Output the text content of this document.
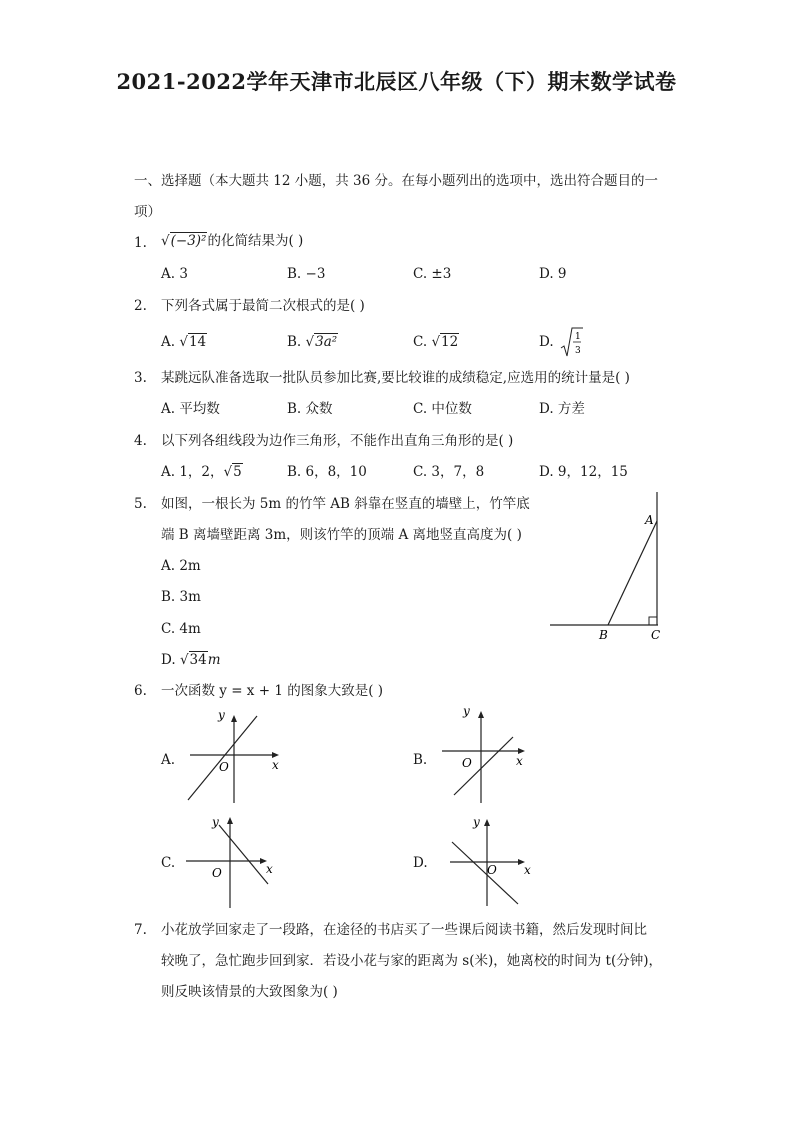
2021-2022学年天津市北辰区八年级（下）期末数学试卷
一、选择题（本大题共 12 小题，共 36 分。在每小题列出的选项中，选出符合题目的一
项）
1. √(−3)²的化简结果为( )
A. 3	B. −3	C. ±3	D. 9
2. 下列各式属于最简二次根式的是( )
A. √14	B. √3a²	C. √12	D.	1
3
3. 某跳远队准备选取一批队员参加比赛,要比较谁的成绩稳定,应选用的统计量是( )
A. 平均数	B. 众数	C. 中位数	D. 方差
4. 以下列各组线段为边作三角形，不能作出直角三角形的是( )
A. 1，2，√5	B. 6，8，10	C. 3，7，8	D. 9，12，15
5. 如图，一根长为 5m 的竹竿 AB 斜靠在竖直的墙壁上，竹竿底
端 B 离墙壁距离 3m，则该竹竿的顶端 A 离地竖直高度为( )
A. 2m
B. 3m
C. 4m
D. √34m
A
B	C
6. 一次函数 y = x + 1 的图象大致是( )
A.
y
x
O	B.
y
x
O
C.
y
x
O
D.
y
x
O
7. 小花放学回家走了一段路，在途径的书店买了一些课后阅读书籍，然后发现时间比
较晚了，急忙跑步回到家．若设小花与家的距离为 s(米)，她离校的时间为 t(分钟)，
则反映该情景的大致图象为( )
